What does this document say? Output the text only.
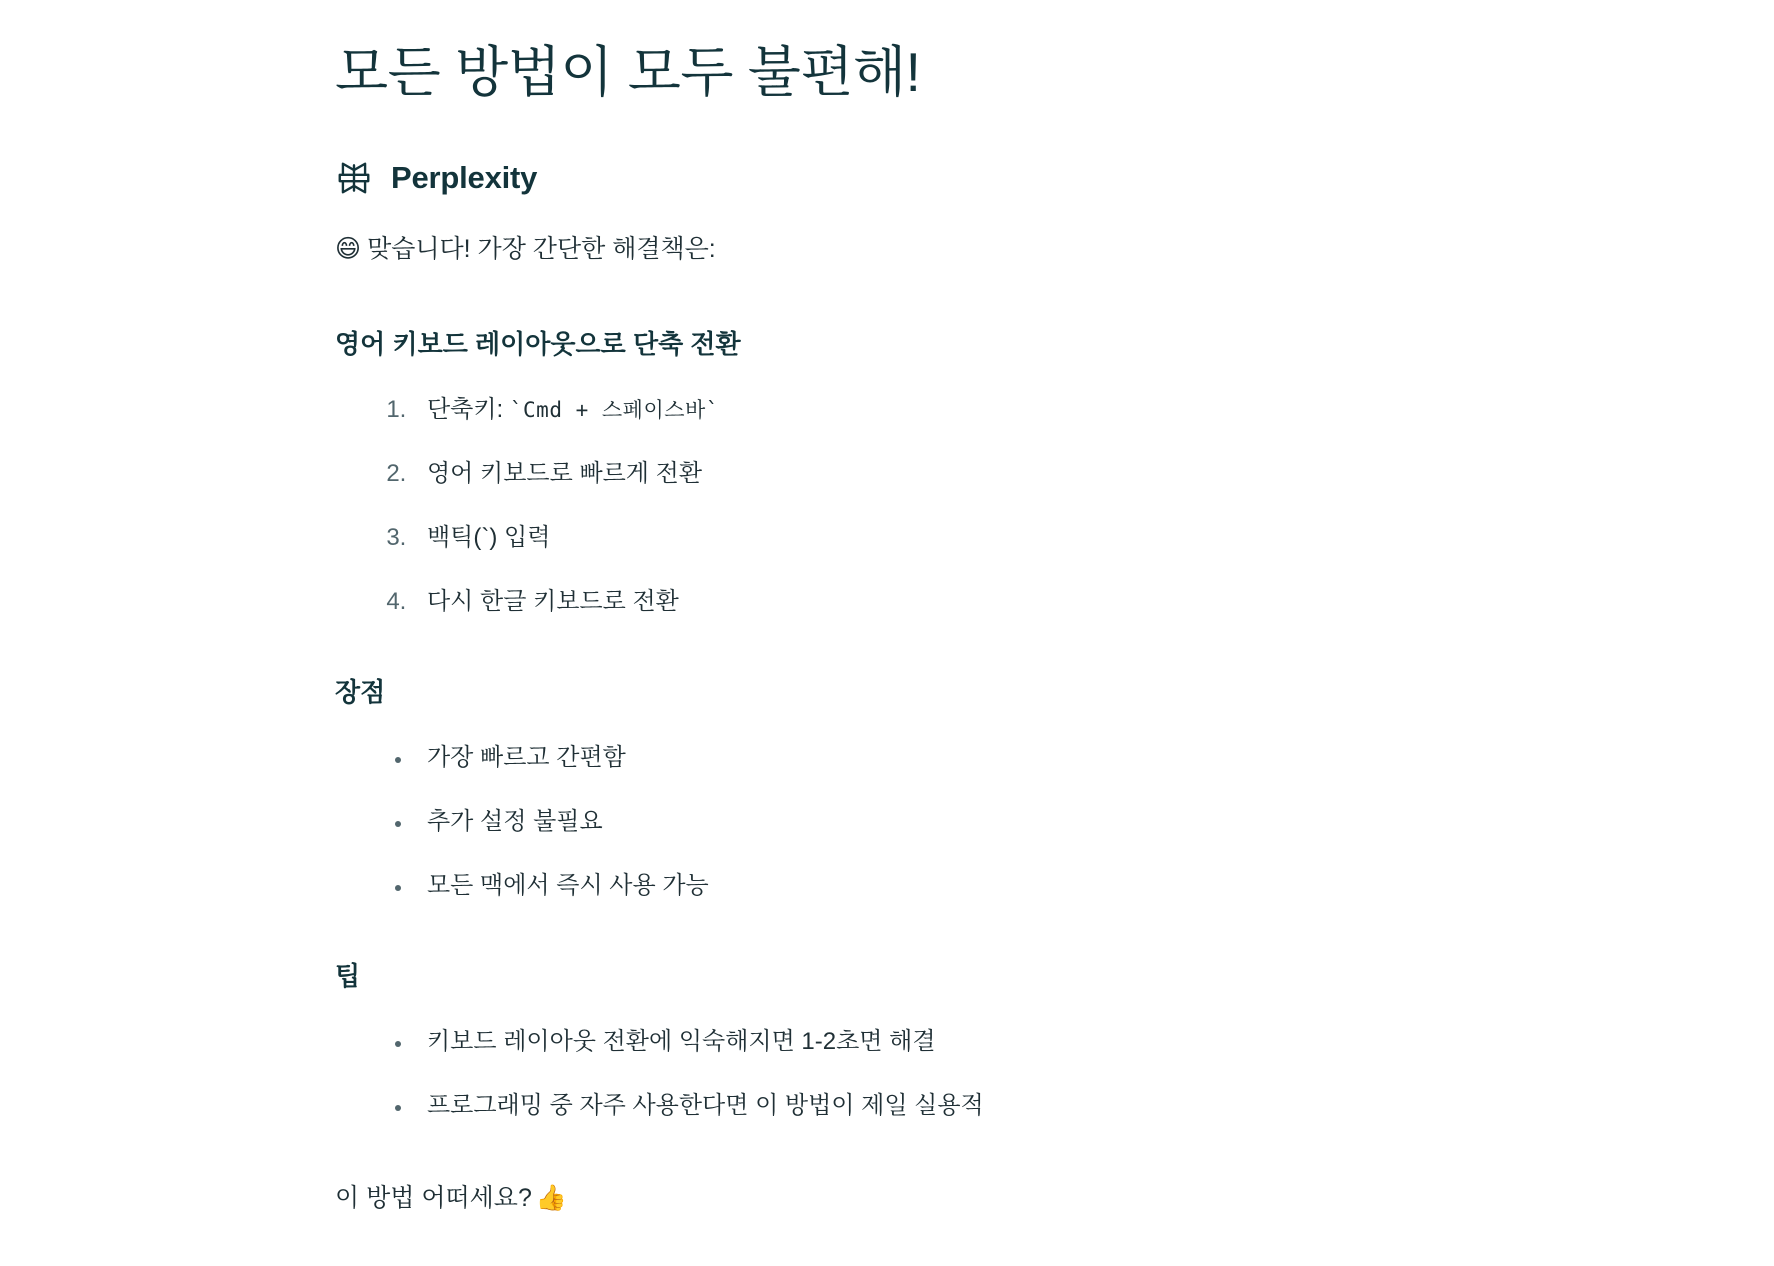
모든 방법이 모두 불편해!
Perplexity

😄 맞습니다! 가장 간단한 해결책은:

영어 키보드 레이아웃으로 단축 전환
1. 단축키: `Cmd + 스페이스바`
2. 영어 키보드로 빠르게 전환
3. 백틱(`) 입력
4. 다시 한글 키보드로 전환
장점
• 가장 빠르고 간편함
• 추가 설정 불필요
• 모든 맥에서 즉시 사용 가능
팁
• 키보드 레이아웃 전환에 익숙해지면 1-2초면 해결
• 프로그래밍 중 자주 사용한다면 이 방법이 제일 실용적

이 방법 어떠세요? 👍
